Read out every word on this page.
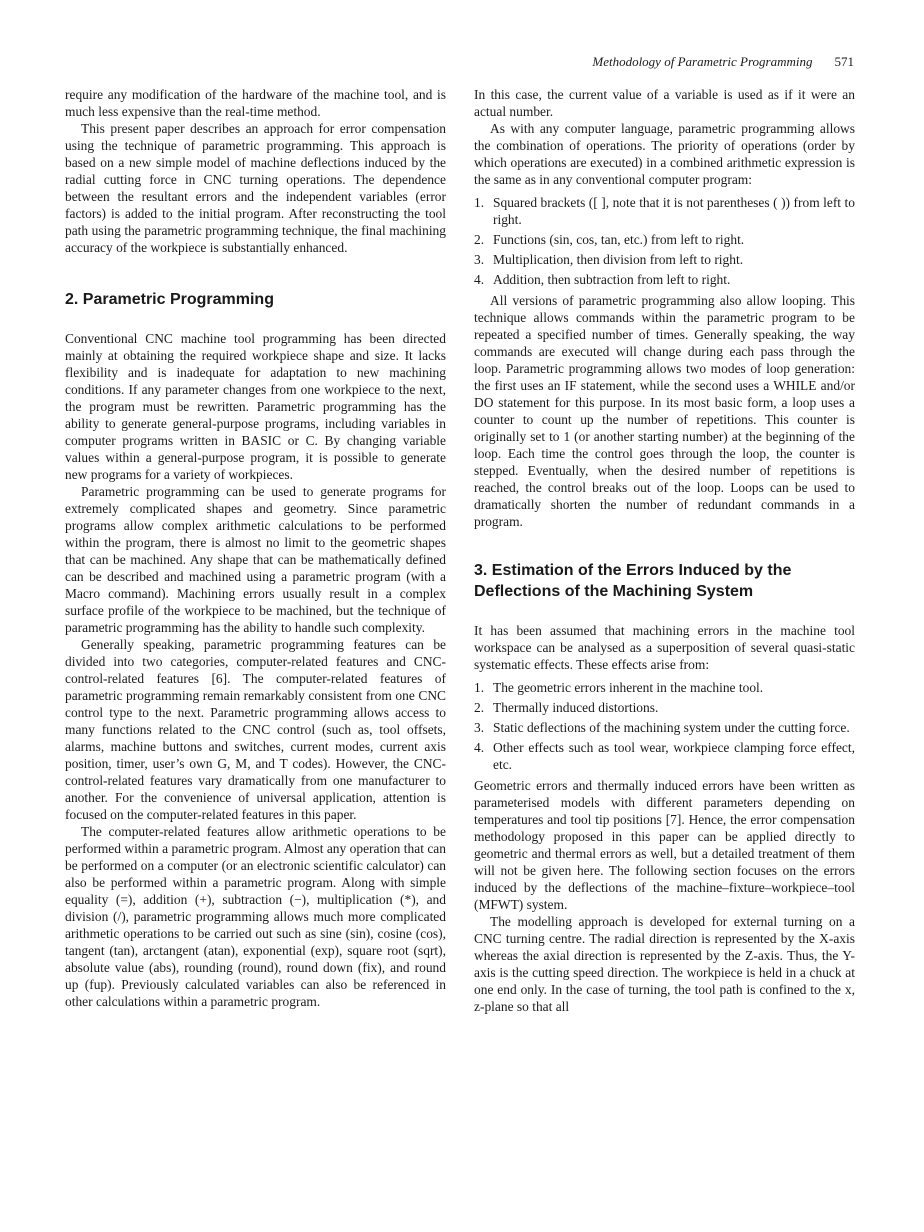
Methodology of Parametric Programming 571

require any modification of the hardware of the machine tool, and is much less expensive than the real-time method.

This present paper describes an approach for error compensation using the technique of parametric programming. This approach is based on a new simple model of machine deflections induced by the radial cutting force in CNC turning operations. The dependence between the resultant errors and the independent variables (error factors) is added to the initial program. After reconstructing the tool path using the parametric programming technique, the final machining accuracy of the workpiece is substantially enhanced.

2. Parametric Programming

Conventional CNC machine tool programming has been directed mainly at obtaining the required workpiece shape and size. It lacks flexibility and is inadequate for adaptation to new machining conditions. If any parameter changes from one workpiece to the next, the program must be rewritten. Parametric programming has the ability to generate general-purpose programs, including variables in computer programs written in BASIC or C. By changing variable values within a general-purpose program, it is possible to generate new programs for a variety of workpieces.

Parametric programming can be used to generate programs for extremely complicated shapes and geometry. Since parametric programs allow complex arithmetic calculations to be performed within the program, there is almost no limit to the geometric shapes that can be machined. Any shape that can be mathematically defined can be described and machined using a parametric program (with a Macro command). Machining errors usually result in a complex surface profile of the workpiece to be machined, but the technique of parametric programming has the ability to handle such complexity.

Generally speaking, parametric programming features can be divided into two categories, computer-related features and CNC-control-related features [6]. The computer-related features of parametric programming remain remarkably consistent from one CNC control type to the next. Parametric programming allows access to many functions related to the CNC control (such as, tool offsets, alarms, machine buttons and switches, current modes, current axis position, timer, user’s own G, M, and T codes). However, the CNC-control-related features vary dramatically from one manufacturer to another. For the convenience of universal application, attention is focused on the computer-related features in this paper.

The computer-related features allow arithmetic operations to be performed within a parametric program. Almost any operation that can be performed on a computer (or an electronic scientific calculator) can also be performed within a parametric program. Along with simple equality (=), addition (+), subtraction (−), multiplication (*), and division (/), parametric programming allows much more complicated arithmetic operations to be carried out such as sine (sin), cosine (cos), tangent (tan), arctangent (atan), exponential (exp), square root (sqrt), absolute value (abs), rounding (round), round down (fix), and round up (fup). Previously calculated variables can also be referenced in other calculations within a parametric program.

In this case, the current value of a variable is used as if it were an actual number.

As with any computer language, parametric programming allows the combination of operations. The priority of operations (order by which operations are executed) in a combined arithmetic expression is the same as in any conventional computer program:

1. Squared brackets ([ ], note that it is not parentheses ( )) from left to right.
2. Functions (sin, cos, tan, etc.) from left to right.
3. Multiplication, then division from left to right.
4. Addition, then subtraction from left to right.

All versions of parametric programming also allow looping. This technique allows commands within the parametric program to be repeated a specified number of times. Generally speaking, the way commands are executed will change during each pass through the loop. Parametric programming allows two modes of loop generation: the first uses an IF statement, while the second uses a WHILE and/or DO statement for this purpose. In its most basic form, a loop uses a counter to count up the number of repetitions. This counter is originally set to 1 (or another starting number) at the beginning of the loop. Each time the control goes through the loop, the counter is stepped. Eventually, when the desired number of repetitions is reached, the control breaks out of the loop. Loops can be used to dramatically shorten the number of redundant commands in a program.

3. Estimation of the Errors Induced by the Deflections of the Machining System

It has been assumed that machining errors in the machine tool workspace can be analysed as a superposition of several quasi-static systematic effects. These effects arise from:

1. The geometric errors inherent in the machine tool.
2. Thermally induced distortions.
3. Static deflections of the machining system under the cutting force.
4. Other effects such as tool wear, workpiece clamping force effect, etc.

Geometric errors and thermally induced errors have been written as parameterised models with different parameters depending on temperatures and tool tip positions [7]. Hence, the error compensation methodology proposed in this paper can be applied directly to geometric and thermal errors as well, but a detailed treatment of them will not be given here. The following section focuses on the errors induced by the deflections of the machine–fixture–workpiece–tool (MFWT) system.

The modelling approach is developed for external turning on a CNC turning centre. The radial direction is represented by the X-axis whereas the axial direction is represented by the Z-axis. Thus, the Y-axis is the cutting speed direction. The workpiece is held in a chuck at one end only. In the case of turning, the tool path is confined to the x, z-plane so that all
